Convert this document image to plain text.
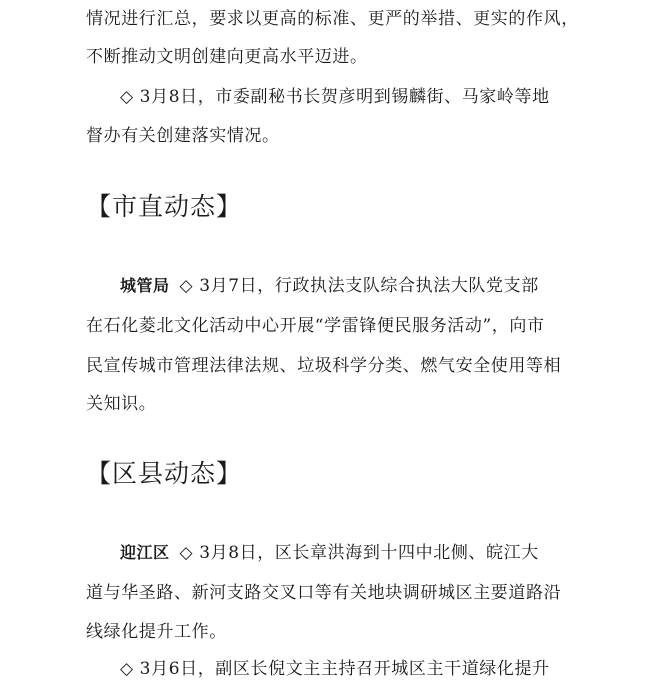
情况进行汇总，要求以更高的标准、更严的举措、更实的作风，
不断推动文明创建向更高水平迈进。
◇ 3月8日，市委副秘书长贺彦明到锡麟街、马家岭等地
督办有关创建落实情况。
【市直动态】
城管局 ◇ 3月7日，行政执法支队综合执法大队党支部
在石化菱北文化活动中心开展“学雷锋便民服务活动”，向市
民宣传城市管理法律法规、垃圾科学分类、燃气安全使用等相
关知识。
【区县动态】
迎江区 ◇ 3月8日，区长章洪海到十四中北侧、皖江大
道与华圣路、新河支路交叉口等有关地块调研城区主要道路沿
线绿化提升工作。
◇ 3月6日，副区长倪文主主持召开城区主干道绿化提升
